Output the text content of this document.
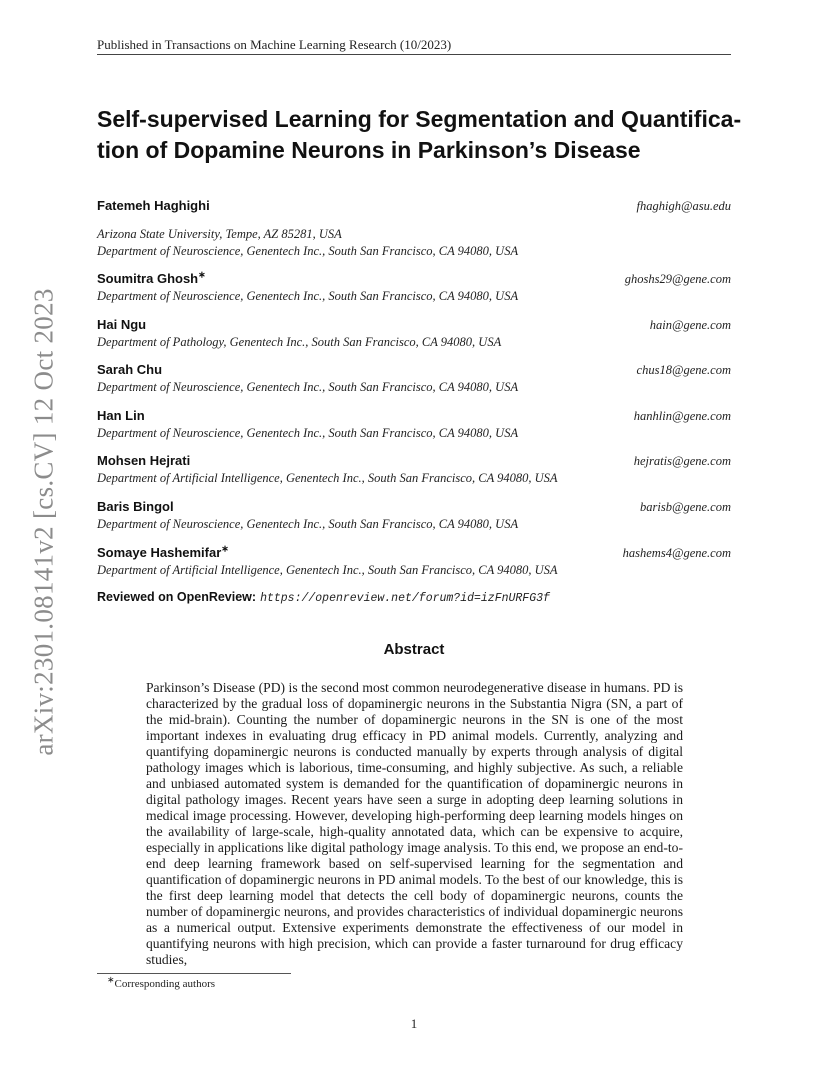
Published in Transactions on Machine Learning Research (10/2023)
arXiv:2301.08141v2 [cs.CV] 12 Oct 2023
Self-supervised Learning for Segmentation and Quantifica-
tion of Dopamine Neurons in Parkinson’s Disease
Fatemeh Haghighi	fhaghigh@asu.edu
Arizona State University, Tempe, AZ 85281, USA
Department of Neuroscience, Genentech Inc., South San Francisco, CA 94080, USA
Soumitra Ghosh∗	ghoshs29@gene.com
Department of Neuroscience, Genentech Inc., South San Francisco, CA 94080, USA
Hai Ngu	hain@gene.com
Department of Pathology, Genentech Inc., South San Francisco, CA 94080, USA
Sarah Chu	chus18@gene.com
Department of Neuroscience, Genentech Inc., South San Francisco, CA 94080, USA
Han Lin	hanhlin@gene.com
Department of Neuroscience, Genentech Inc., South San Francisco, CA 94080, USA
Mohsen Hejrati	hejratis@gene.com
Department of Artificial Intelligence, Genentech Inc., South San Francisco, CA 94080, USA
Baris Bingol	barisb@gene.com
Department of Neuroscience, Genentech Inc., South San Francisco, CA 94080, USA
Somaye Hashemifar∗	hashems4@gene.com
Department of Artificial Intelligence, Genentech Inc., South San Francisco, CA 94080, USA
Reviewed on OpenReview: https://openreview.net/forum?id=izFnURFG3f
Abstract
Parkinson’s Disease (PD) is the second most common neurodegenerative disease in humans. PD is characterized by the gradual loss of dopaminergic neurons in the Substantia Nigra (SN, a part of the mid-brain). Counting the number of dopaminergic neurons in the SN is one of the most important indexes in evaluating drug efficacy in PD animal models. Currently, analyzing and quantifying dopaminergic neurons is conducted manually by experts through analysis of digital pathology images which is laborious, time-consuming, and highly subjective. As such, a reliable and unbiased automated system is demanded for the quantification of dopaminergic neurons in digital pathology images. Recent years have seen a surge in adopting deep learning solutions in medical image processing. However, developing high-performing deep learning models hinges on the availability of large-scale, high-quality annotated data, which can be expensive to acquire, especially in applications like digital pathology image analysis. To this end, we propose an end-to-end deep learning framework based on self-supervised learning for the segmentation and quantification of dopaminergic neurons in PD animal models. To the best of our knowledge, this is the first deep learning model that detects the cell body of dopaminergic neurons, counts the number of dopaminergic neurons, and provides characteristics of individual dopaminergic neurons as a numerical output. Extensive experiments demonstrate the effectiveness of our model in quantifying neurons with high precision, which can provide a faster turnaround for drug efficacy studies,
∗Corresponding authors
1
